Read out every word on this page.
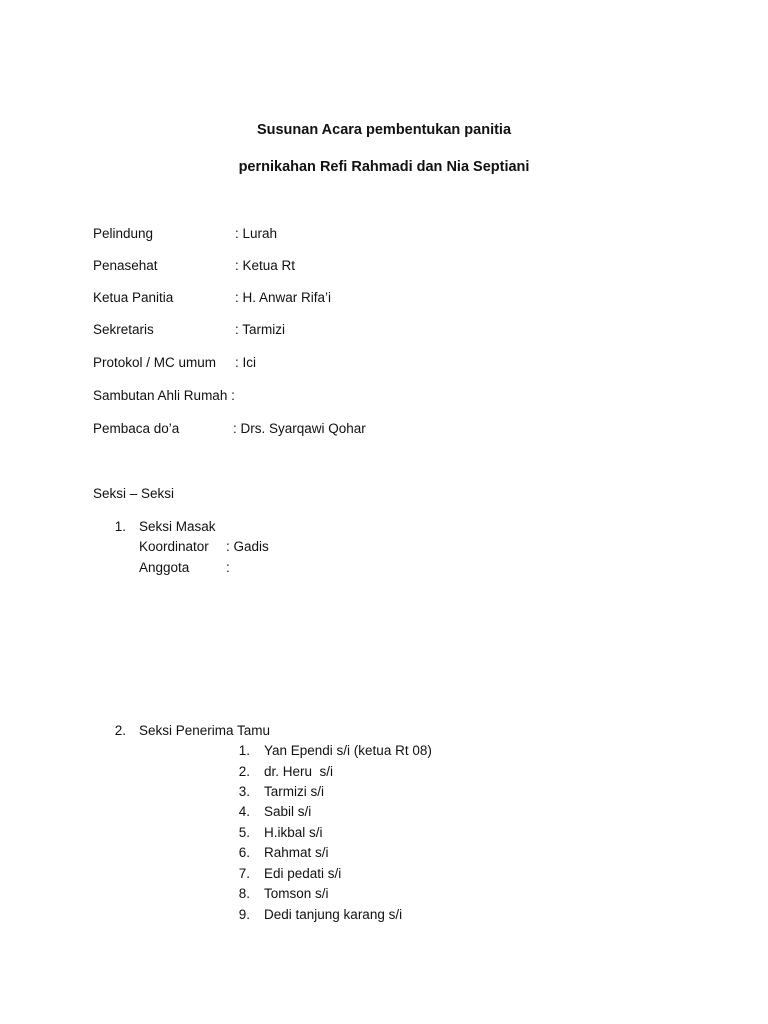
Susunan Acara pembentukan panitia
pernikahan Refi Rahmadi dan Nia Septiani
Pelindung	: Lurah
Penasehat	: Ketua Rt
Ketua Panitia	: H. Anwar Rifa’i
Sekretaris	: Tarmizi
Protokol / MC umum : Ici
Sambutan Ahli Rumah :
Pembaca do’a	: Drs. Syarqawi Qohar
Seksi – Seksi
1. Seksi Masak
Koordinator : Gadis
Anggota	:
2. Seksi Penerima Tamu
1. Yan Ependi s/i (ketua Rt 08)
2. dr. Heru  s/i
3. Tarmizi s/i
4. Sabil s/i
5. H.ikbal s/i
6. Rahmat s/i
7. Edi pedati s/i
8. Tomson s/i
9. Dedi tanjung karang s/i
